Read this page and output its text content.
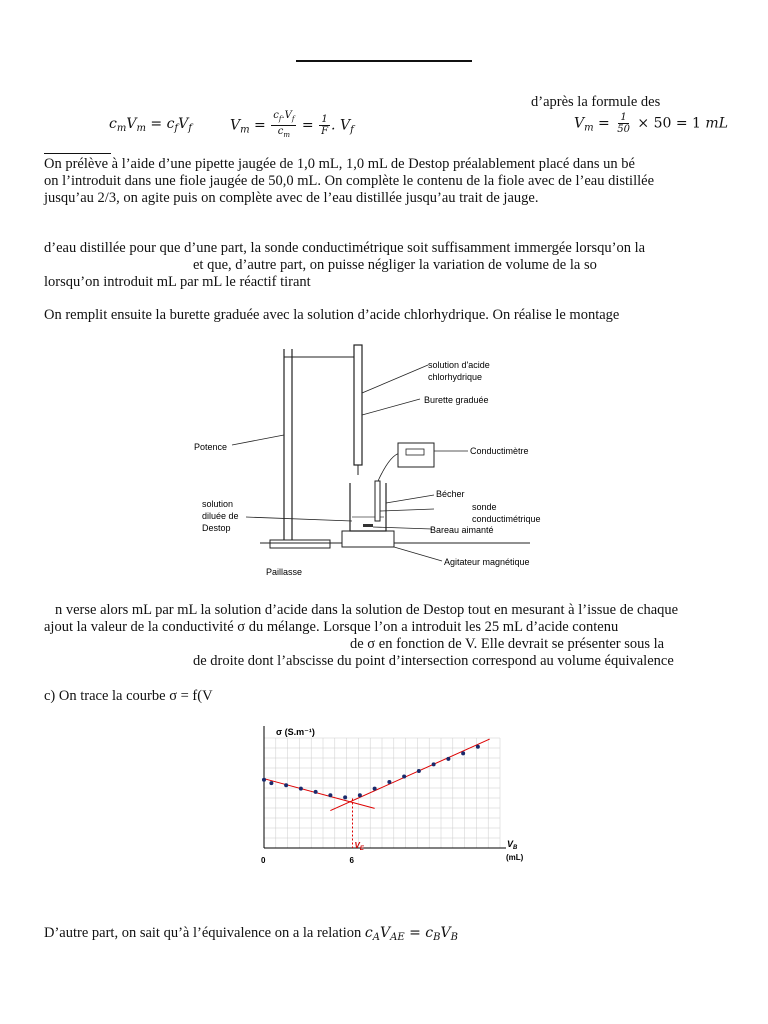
d’après la formule des
$c_mV_m = c_fV_f$	$V_m = \frac{c_f.V_f}{c_m} = \frac{1}{F}$ . $V_f$	$V_m = \frac{1}{50} \times 50 = 1$ mL
On prélève à l’aide d’une pipette jaugée de 1,0 mL, 1,0 mL de Destop préalablement placé dans un bé
on l’introduit dans une fiole jaugée de 50,0 mL. On complète le contenu de la fiole avec de l’eau distillée
jusqu’au 2/3, on agite puis on complète avec de l’eau distillée jusqu’au trait de jauge.
d’eau distillée pour que d’une part, la sonde conductimétrique soit suffisamment immergée lorsqu’on la
et que, d’autre part, on puisse négliger la variation de volume de la so
lorsqu’on introduit mL par mL le réactif tirant
On remplit ensuite la burette graduée avec la solution d’acide chlorhydrique. On réalise le montage
solution d'acide
chlorhydrique
Burette graduée
Potence	Conductimètre
Bécher
sonde
conductimétrique
solution
diluée de
Destop	Bareau aimanté
Agitateur magnétique
Paillasse
n verse alors mL par mL la solution d’acide dans la solution de Destop tout en mesurant à l’issue de chaque
ajout la valeur de la conductivité σ du mélange. Lorsque l’on a introduit les 25 mL d’acide contenu
de σ en fonction de V. Elle devrait se présenter sous la
de droite dont l’abscisse du point d’intersection correspond au volume équivalence
c) On trace la courbe σ = f(V
σ (S.m⁻¹)
$V_B$
(mL)
0	6
$V_E$
D’autre part, on sait qu’à l’équivalence on a la relation $c_AV_{AE} = c_BV_B$
